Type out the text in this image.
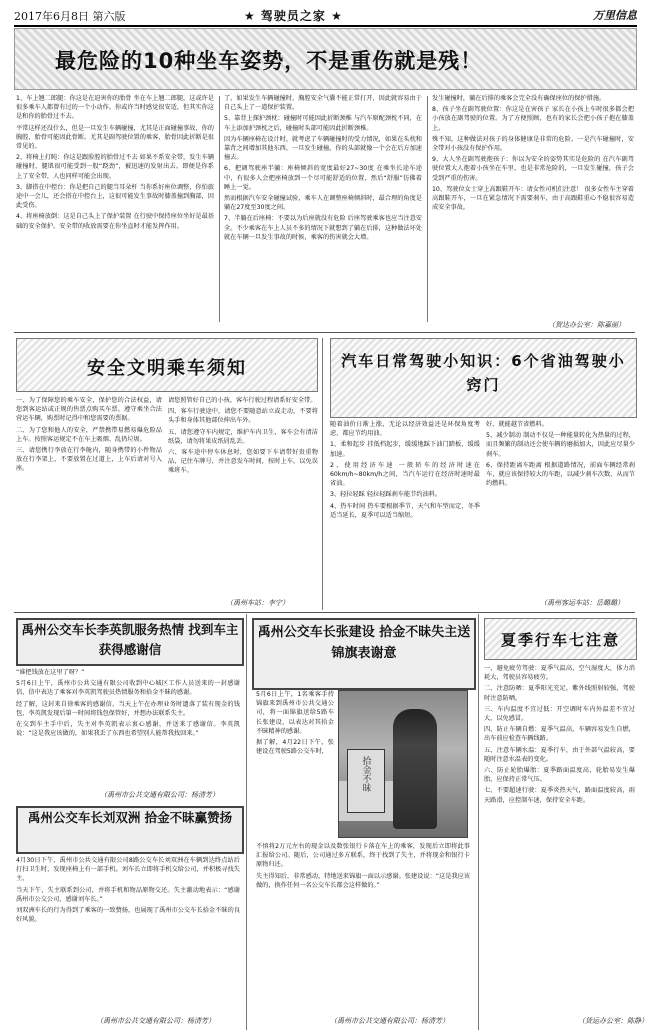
2017年6月8日 第六版	★ 驾驶员之家 ★	万里信息
最危险的10种坐车姿势，不是重伤就是残！

1、车上翘二郎腿：你这是在迫害你的胎骨 坐在车上翘二郎腿，这或许是很多乘车人都曾有过的一个小动作。你或许当时感觉很安适，但其实你这是和你的胎骨过不去。

平常这样还没什么，但是一旦发生车辆碰撞，尤其是正面碰撞事故，你的胸腔，胎骨可能因此骨断。尤其是副驾驶位置的乘客，胎骨因此折断是很常见的。

2、将椅上打盹：你这是跟脸腔的胎骨过不去 如果不系安全带，发生车辆碰撞时，腿肌很可能受到一股“跷劲”，被迅速的发射出去。即便是你系上了安全带，人也同样可能会出现。

3、脚搭在中控台：你是把自己的腿当耳朵杆 当你系好座位调整，你怕旅途中一会儿，还会搭在中控台上，这很可能发生事故时膝盖撞到胸部，因此受伤。

4、将座椅放倒：这是自己头上了保护装置 在行驶中保持座位坐好是最基础的安全保护。安全带的收放需要在你坐直时才能发挥作用。

了，如果发生车辆碰撞时，胸腔安全气囊不能正常打开，因此就容易由于自己头上了一道保护装置。

5、靠背上探护颈枕：碰撞时可能因此折断颈椎 与汽车原配颈枕不同，在车上添加护颈枕之后，碰撞时头部可能因此折断颈椎。

因为车辆座椅在设计时，就考虑了车辆碰撞时的受力情况，如果在头枕和靠背之间增加其他东西，一旦发生碰撞，你的头部就像一个会在后方加速撞去。

6、把调驾驶座半躺：座椅倾斜的宽度最好27~30度 在乘坐长途车途中，有很多人会把座椅放到一个尽可能舒适的位置，然后“舒服”仿佛着睡上一觉。

然而根据汽车安全碰撞试验，乘车人在调整座椅倾斜时，最合理的角度是躺在27度至30度之间。

7、半躺在后座椅：不要以为后座就没有危险 后座驾驶乘客也应当注意安全。不少乘客在车上人员不多的情况下就想到了躺在后排，这种做法坏处就在车辆一旦发生事故的时候，乘客的伤害就会大增。

发生碰撞时，躺在后排的乘客会完全没有确保座位的保护措施。

8、孩子坐在副驾驶位置：你这是在害孩子 家长在小孩上车时很多都会把小孩放在副驾驶的位置。为了方便照顾，也有的家长会把小孩子抱在膝盖上。

殊不知，这种做法对孩子的身体健康是非常的危险。一是汽车碰撞时，安全带对小孩没有保护作用。

9、大人坐在副驾驶抱孩子：你以为安全的姿势其实是危险的 在汽车副驾驶位置大人抱着小孩坐在车里，也是非常危险的，一旦发生碰撞，孩子会受到严重的伤害。

10、驾驶位女士穿上高跟鞋开车：请女性司机们注意！ 很多女性车主穿着高跟鞋开车，一旦在紧急情况下需要刹车，由于高跟鞋重心不稳很容易造成安全事故。

（贺达办公室：陈嘉丽）
安全文明乘车须知

一、为了保障您的乘车安全，保护您的合法权益，请您到客运站或正规的售票点购买车票。遵守乘坐合法营运车辆，购票时记得中和您需要的票据。

二、为了您和他人的安全，严禁携带易燃易爆危险品上车。按照客运规定不在车上吸烟、乱扔垃圾。

三、请您携行李放在行李舱内，随身携带的小件物品放在行李架上，不要放置在过道上，上车后请对号入座。

请您照管好自己的小孩，客车行驶过程请系好安全带。

四、客车行驶途中，请您不要随意站立或走动，不要将头手和身体其他部位伸出车外。

五、请您遵守车内规定，维护车内卫生，客车会有清洁纸袋，请勿将果皮纸屑乱丢。

六、客车途中停车休息时，您如要下车请带好贵重物品，记住车牌号，并注意发车时间，按时上车，以免误乘班车。

（禹州车站：李宁）
汽车日常驾驶小知识：6个省油驾驶小窍门

随着油价日渐上涨，无论以经济效益还是环保角度考虑，都应节约用油。

1、柔和起步 挂低档起步，缓缓地踩下油门踏板，缓缓加速。

2、使用经济车速 一般轿车的经济时速在60km/h~80km/h之间，当汽车运行在经济时速时最省油。

3、轻拉轻踩 轻拉轻踩刹车能节约油料。

4、热车时间 热车要根据季节，天气和车型而定，冬季适当延长，夏季可以适当缩短。

好，就能越节省燃料。

5、减少制动 制动不仅是一种能量转化为热量的过程，而且频繁的制动还会使车辆的磨损加大，因此应尽量少刹车。

6、保持距离车距离 根据道路情况，前面车辆经常刹车，就应该保持较大的车距，以减少刹车次数，从而节约燃料。

（禹州客运车站：岳璐璐）
禹州公交车长李英凯服务热情 找到车主获得感谢信

“谁把钱放在这里了呀？”

5月6日上午，禹州市公共交通有限公司收到中心城区工作人员送来的一封感谢信，信中表达了乘客对李英凯驾驶员热情服务和拾金不昧的感谢。

经了解，这封来自徐乘客的感谢信，当天上午在办理业务时遗落了装有现金的钱包，李英凯发现后第一时间将钱包保管好，并想办法联系失主。

在交到车主手中后，失主对李英凯表示衷心感谢，并送来了感谢信。李英凯说：“这是我应该做的，如果我丢了东西也希望别人能帮我找回来。”

（禹州市公共交通有限公司：杨清芳）
禹州公交车长刘双洲 拾金不昧赢赞扬

4月30日下午，禹州市公共交通有限公司8路公交车长刘双洲在车辆到达终点站后打扫卫生时，发现座椅上有一部手机。刘车长立即将手机交给公司，并积极寻找失主。

当天下午，失主联系到公司，并将手机和物品原物交还。失主激动地表示：“感谢禹州市公交公司，感谢刘车长。”

刘双洲车长的行为得到了乘客的一致赞扬，也展现了禹州市公交车长拾金不昧的良好风貌。

（禹州市公共交通有限公司：杨清芳）
禹州公交车长张建设 拾金不昧失主送锦旗表谢意
拾金不昧

5月6日上午，1名乘客手持锦旗来到禹州市公共交通公司，将一面锦旗送给5路车长张建设，以表达对其拾金不昧精神的感谢。

据了解，4月22日下午，张建设在驾驶5路公交车时，

不慎将2万元左右的现金以及数张银行卡落在车上的乘客，发现后立即将此事汇报给公司。随后，公司通过多方联系，终于找到了失主，并将现金和银行卡原物归还。

失主得知后，非常感动，特地送来锦旗一面以示感谢。张建设说：“这是我应该做的，换作任何一名公交车长都会这样做的。”

（禹州市公共交通有限公司：杨清芳）
夏季行车七注意

一、避免疲劳驾驶：夏季气温高，空气湿度大，体力消耗大，驾驶员容易疲劳。

二、注意防晒：夏季阳光充足，紫外线照射较强，驾驶时注意防晒。

三、车内温度不宜过低：开空调时车内外温差不宜过大，以免感冒。

四、防止车辆自燃：夏季气温高，车辆容易发生自燃，出车前应检查车辆线路。

五、注意车辆水温：夏季行车，由于外部气温较高，要随时注意水温表的变化。

六、防止轮胎爆胎：夏季路面温度高，轮胎易发生爆胎，应保持正常气压。

七、不要超速行驶：夏季炎热天气，路面温度较高，雨天路滑，应控制车速，保持安全车距。

（货运办公室：陈静）
